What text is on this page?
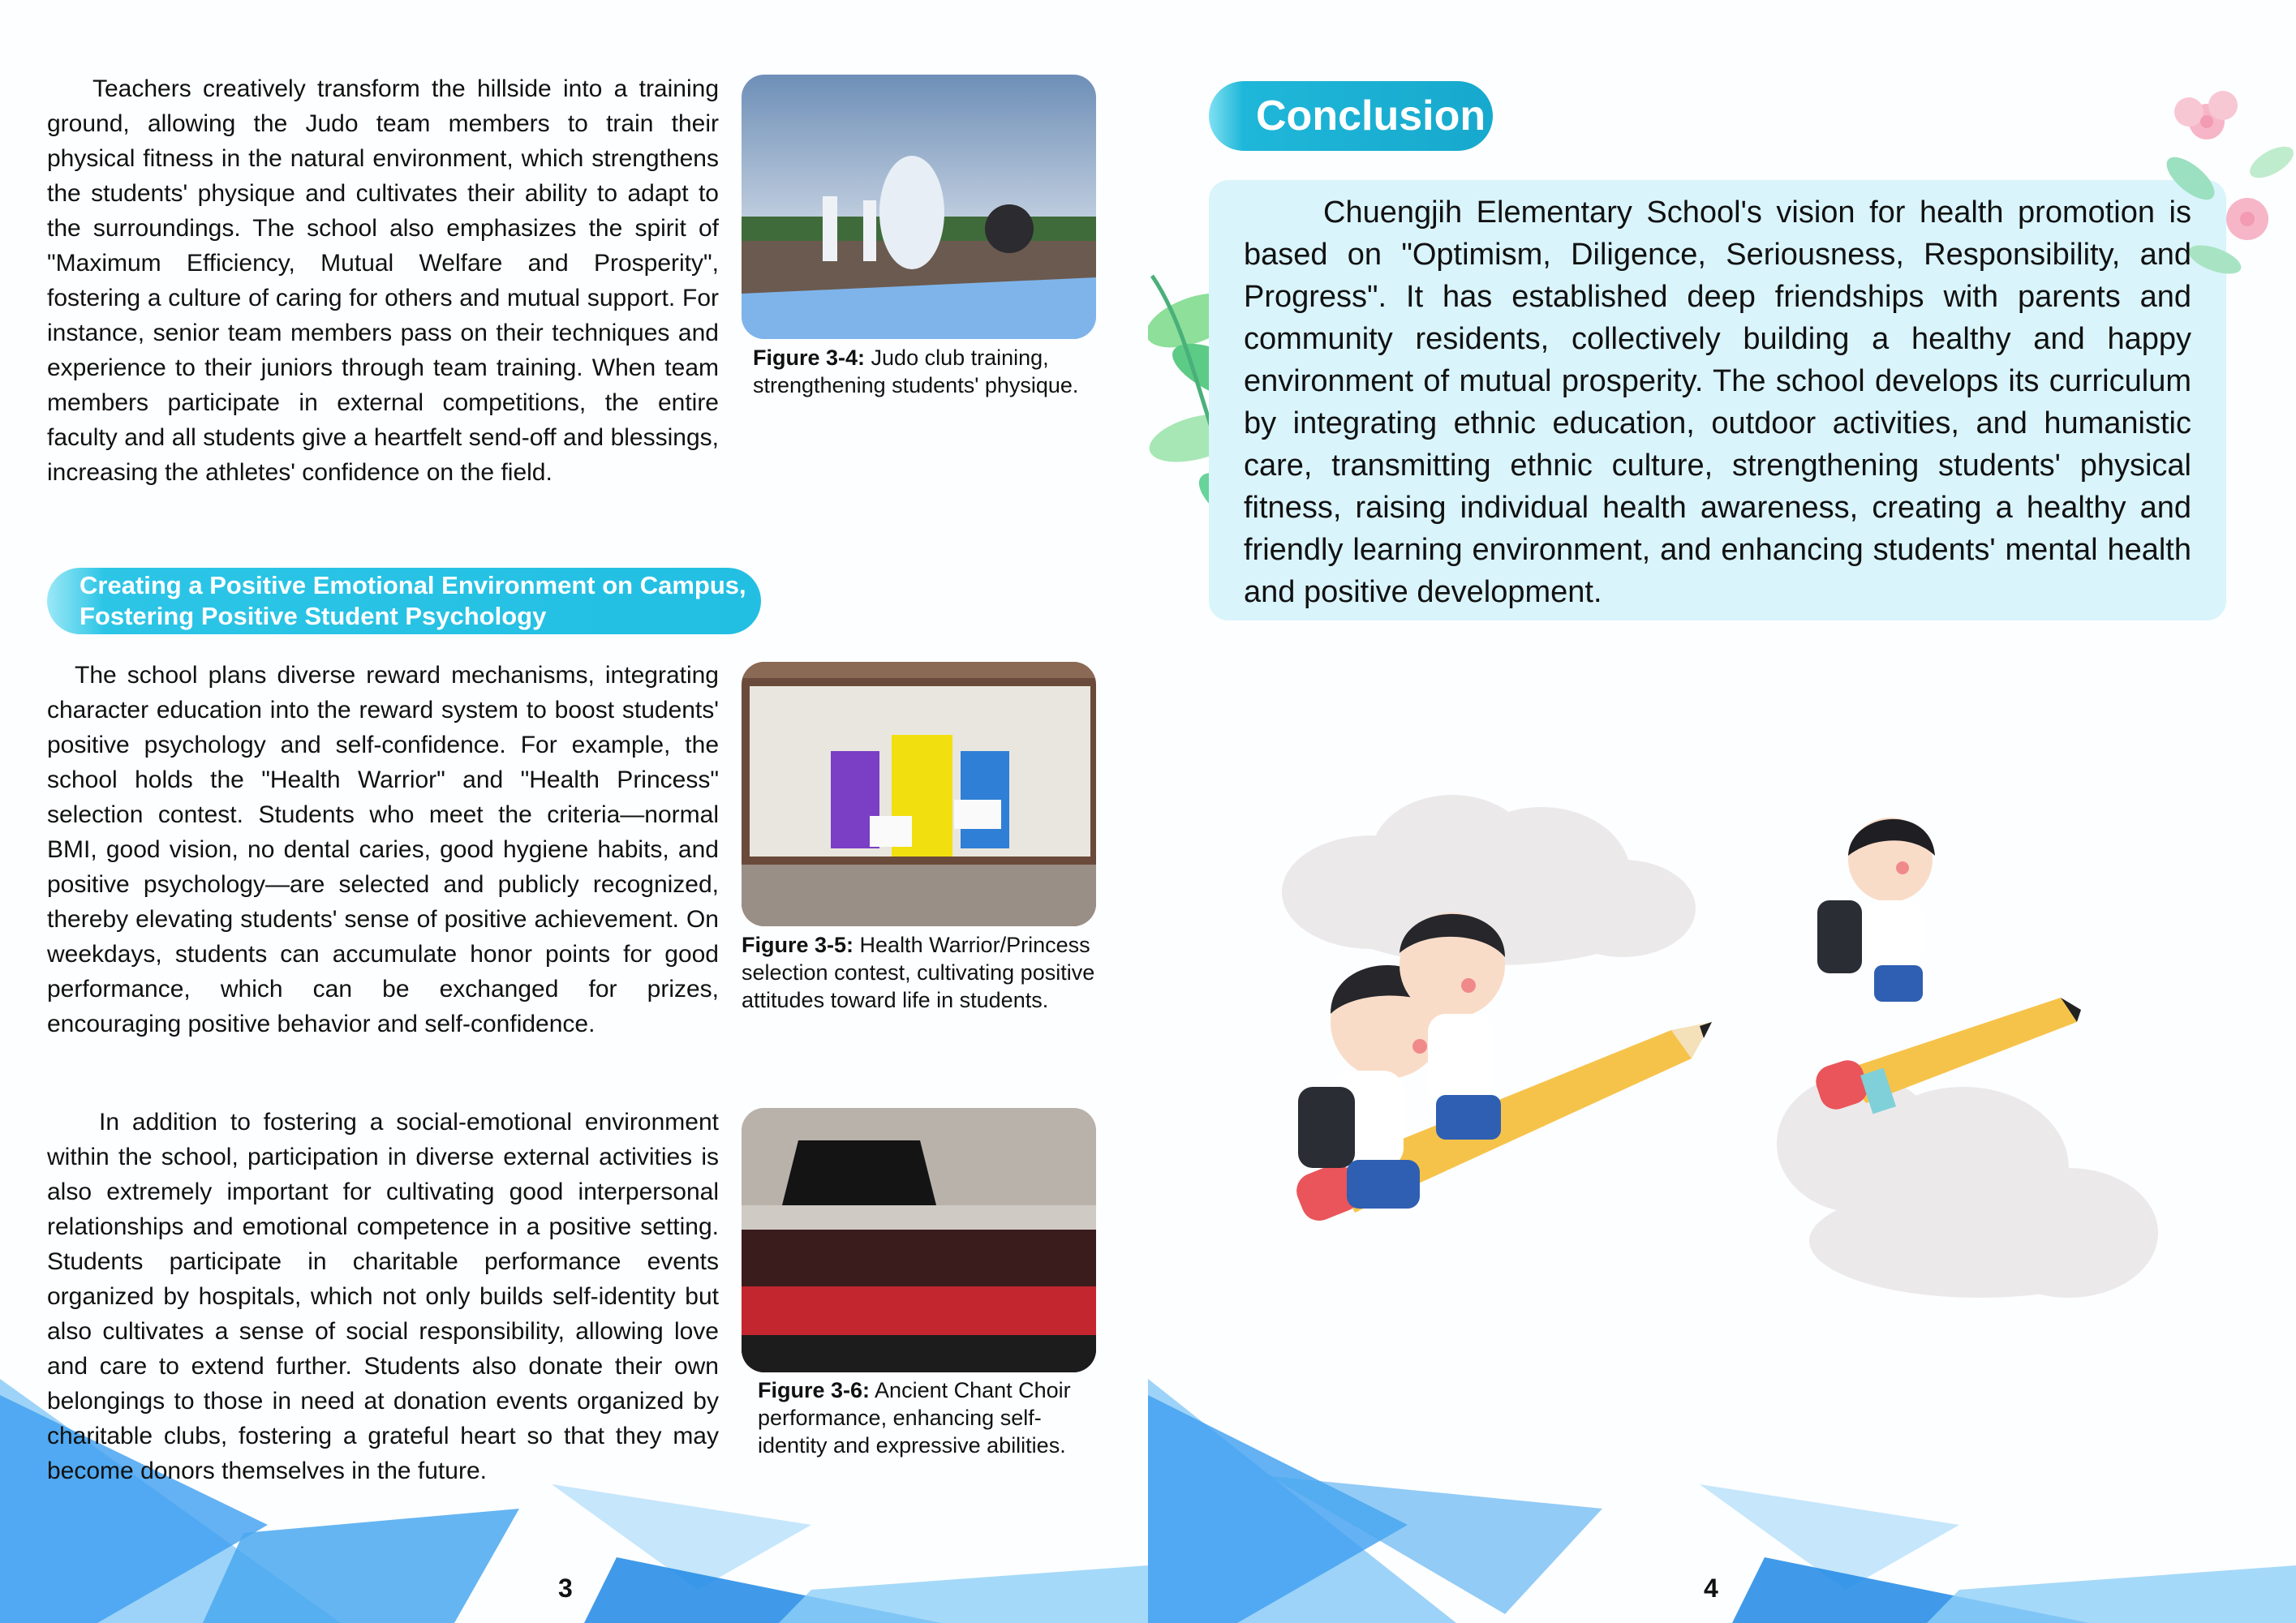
Teachers creatively transform the hillside into a training ground, allowing the Judo team members to train their physical fitness in the natural environment, which strengthens the students' physique and cultivates their ability to adapt to the surroundings. The school also emphasizes the spirit of "Maximum Efficiency, Mutual Welfare and Prosperity", fostering a culture of caring for others and mutual support. For instance, senior team members pass on their techniques and experience to their juniors through team training. When team members participate in external competitions, the entire faculty and all students give a heartfelt send-off and blessings, increasing the athletes' confidence on the field.
Figure 3-4: Judo club training, strengthening students' physique.
Creating a Positive Emotional Environment on Campus,
Fostering Positive Student Psychology
The school plans diverse reward mechanisms, integrating character education into the reward system to boost students' positive psychology and self-confidence. For example, the school holds the "Health Warrior" and "Health Princess" selection contest. Students who meet the criteria—normal BMI, good vision, no dental caries, good hygiene habits, and positive psychology—are selected and publicly recognized, thereby elevating students' sense of positive achievement. On weekdays, students can accumulate honor points for good performance, which can be exchanged for prizes, encouraging positive behavior and self-confidence.
Figure 3-5: Health Warrior/Princess selection contest, cultivating positive attitudes toward life in students.
In addition to fostering a social-emotional environment within the school, participation in diverse external activities is also extremely important for cultivating good interpersonal relationships and emotional competence in a positive setting. Students participate in charitable performance events organized by hospitals, which not only builds self-identity but also cultivates a sense of social responsibility, allowing love and care to extend further. Students also donate their own belongings to those in need at donation events organized by charitable clubs, fostering a grateful heart so that they may become donors themselves in the future.
Figure 3-6: Ancient Chant Choir performance, enhancing self-identity and expressive abilities.
3
Conclusion
Chuengjih Elementary School's vision for health promotion is based on "Optimism, Diligence, Seriousness, Responsibility, and Progress". It has established deep friendships with parents and community residents, collectively building a healthy and happy environment of mutual prosperity. The school develops its curriculum by integrating ethnic education, outdoor activities, and humanistic care, transmitting ethnic culture, strengthening students' physical fitness, raising individual health awareness, creating a healthy and friendly learning environment, and enhancing students' mental health and positive development.
4
